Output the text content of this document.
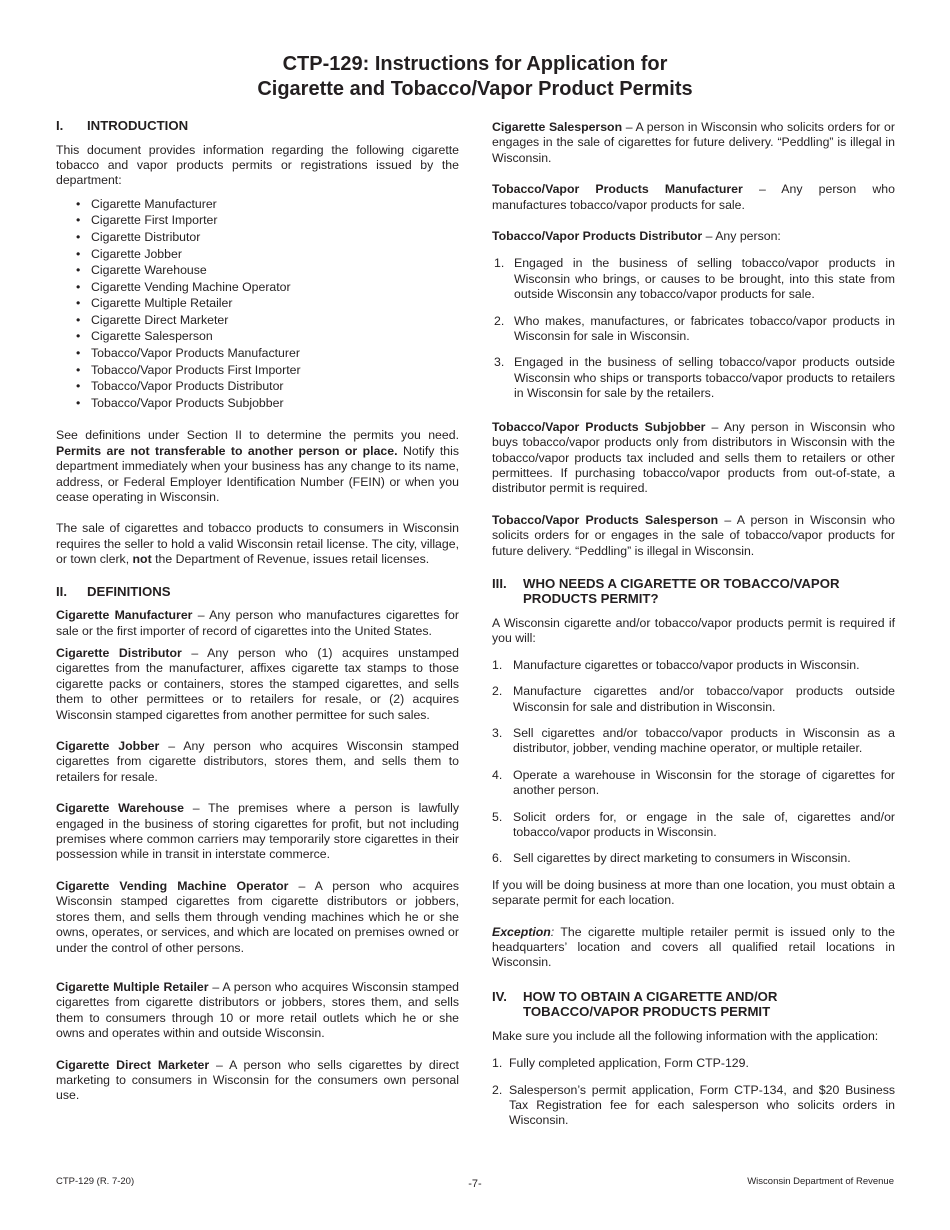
CTP-129: Instructions for Application for
Cigarette and Tobacco/Vapor Product Permits
I.	INTRODUCTION

This document provides information regarding the following cigarette tobacco and vapor products permits or registrations issued by the department:

• Cigarette Manufacturer
• Cigarette First Importer
• Cigarette Distributor
• Cigarette Jobber
• Cigarette Warehouse
• Cigarette Vending Machine Operator
• Cigarette Multiple Retailer
• Cigarette Direct Marketer
• Cigarette Salesperson
• Tobacco/Vapor Products Manufacturer
• Tobacco/Vapor Products First Importer
• Tobacco/Vapor Products Distributor
• Tobacco/Vapor Products Subjobber

See definitions under Section II to determine the permits you need. Permits are not transferable to another person or place. Notify this department immediately when your business has any change to its name, address, or Federal Employer Identification Number (FEIN) or when you cease operating in Wisconsin.

The sale of cigarettes and tobacco products to consumers in Wisconsin requires the seller to hold a valid Wisconsin retail license. The city, village, or town clerk, not the Department of Revenue, issues retail licenses.

II.	DEFINITIONS

Cigarette Manufacturer – Any person who manufactures cigarettes for sale or the first importer of record of cigarettes into the United States.

Cigarette Distributor – Any person who (1) acquires unstamped cigarettes from the manufacturer, affixes cigarette tax stamps to those cigarette packs or containers, stores the stamped cigarettes, and sells them to other permittees or to retailers for resale, or (2) acquires Wisconsin stamped cigarettes from another permittee for such sales.

Cigarette Jobber – Any person who acquires Wisconsin stamped cigarettes from cigarette distributors, stores them, and sells them to retailers for resale.

Cigarette Warehouse – The premises where a person is lawfully engaged in the business of storing cigarettes for profit, but not including premises where common carriers may temporarily store cigarettes in their possession while in transit in interstate commerce.

Cigarette Vending Machine Operator – A person who acquires Wisconsin stamped cigarettes from cigarette distributors or jobbers, stores them, and sells them through vending machines which he or she owns, operates, or services, and which are located on premises owned or under the control of other persons.

Cigarette Multiple Retailer – A person who acquires Wisconsin stamped cigarettes from cigarette distributors or jobbers, stores them, and sells them to consumers through 10 or more retail outlets which he or she owns and operates within and outside Wisconsin.

Cigarette Direct Marketer – A person who sells cigarettes by direct marketing to consumers in Wisconsin for the consumers own personal use.

Cigarette Salesperson – A person in Wisconsin who solicits orders for or engages in the sale of cigarettes for future delivery. “Peddling” is illegal in Wisconsin.

Tobacco/Vapor Products Manufacturer – Any person who manufactures tobacco/vapor products for sale.

Tobacco/Vapor Products Distributor – Any person:

1. Engaged in the business of selling tobacco/vapor products in Wisconsin who brings, or causes to be brought, into this state from outside Wisconsin any tobacco/vapor products for sale.
2. Who makes, manufactures, or fabricates tobacco/vapor products in Wisconsin for sale in Wisconsin.
3. Engaged in the business of selling tobacco/vapor products outside Wisconsin who ships or transports tobacco/vapor products to retailers in Wisconsin for sale by the retailers.

Tobacco/Vapor Products Subjobber – Any person in Wisconsin who buys tobacco/vapor products only from distributors in Wisconsin with the tobacco/vapor products tax included and sells them to retailers or other permittees. If purchasing tobacco/vapor products from out-of-state, a distributor permit is required.

Tobacco/Vapor Products Salesperson – A person in Wisconsin who solicits orders for or engages in the sale of tobacco/vapor products for future delivery. “Peddling” is illegal in Wisconsin.

III.	WHO NEEDS A CIGARETTE OR TOBACCO/VAPOR PRODUCTS PERMIT?

A Wisconsin cigarette and/or tobacco/vapor products permit is required if you will:

1. Manufacture cigarettes or tobacco/vapor products in Wisconsin.
2. Manufacture cigarettes and/or tobacco/vapor products outside Wisconsin for sale and distribution in Wisconsin.
3. Sell cigarettes and/or tobacco/vapor products in Wisconsin as a distributor, jobber, vending machine operator, or multiple retailer.
4. Operate a warehouse in Wisconsin for the storage of cigarettes for another person.
5. Solicit orders for, or engage in the sale of, cigarettes and/or tobacco/vapor products in Wisconsin.
6. Sell cigarettes by direct marketing to consumers in Wisconsin.

If you will be doing business at more than one location, you must obtain a separate permit for each location.

Exception: The cigarette multiple retailer permit is issued only to the headquarters’ location and covers all qualified retail locations in Wisconsin.

IV.	HOW TO OBTAIN A CIGARETTE AND/OR TOBACCO/VAPOR PRODUCTS PERMIT

Make sure you include all the following information with the application:

1. Fully completed application, Form CTP-129.
2. Salesperson’s permit application, Form CTP-134, and $20 Business Tax Registration fee for each salesperson who solicits orders in Wisconsin.
CTP-129 (R. 7-20)	-7-	Wisconsin Department of Revenue
